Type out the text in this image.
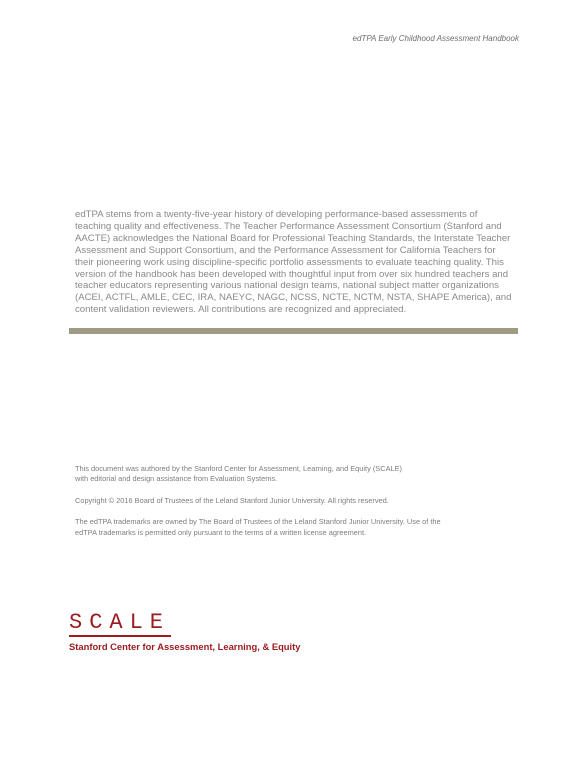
edTPA Early Childhood Assessment Handbook

edTPA stems from a twenty-five-year history of developing performance-based assessments of teaching quality and effectiveness. The Teacher Performance Assessment Consortium (Stanford and AACTE) acknowledges the National Board for Professional Teaching Standards, the Interstate Teacher Assessment and Support Consortium, and the Performance Assessment for California Teachers for their pioneering work using discipline-specific portfolio assessments to evaluate teaching quality. This version of the handbook has been developed with thoughtful input from over six hundred teachers and teacher educators representing various national design teams, national subject matter organizations (ACEI, ACTFL, AMLE, CEC, IRA, NAEYC, NAGC, NCSS, NCTE, NCTM, NSTA, SHAPE America), and content validation reviewers. All contributions are recognized and appreciated.

This document was authored by the Stanford Center for Assessment, Learning, and Equity (SCALE)
with editorial and design assistance from Evaluation Systems.

Copyright © 2016 Board of Trustees of the Leland Stanford Junior University. All rights reserved.

The edTPA trademarks are owned by The Board of Trustees of the Leland Stanford Junior University. Use of the
edTPA trademarks is permitted only pursuant to the terms of a written license agreement.

SCALE
Stanford Center for Assessment, Learning, & Equity
